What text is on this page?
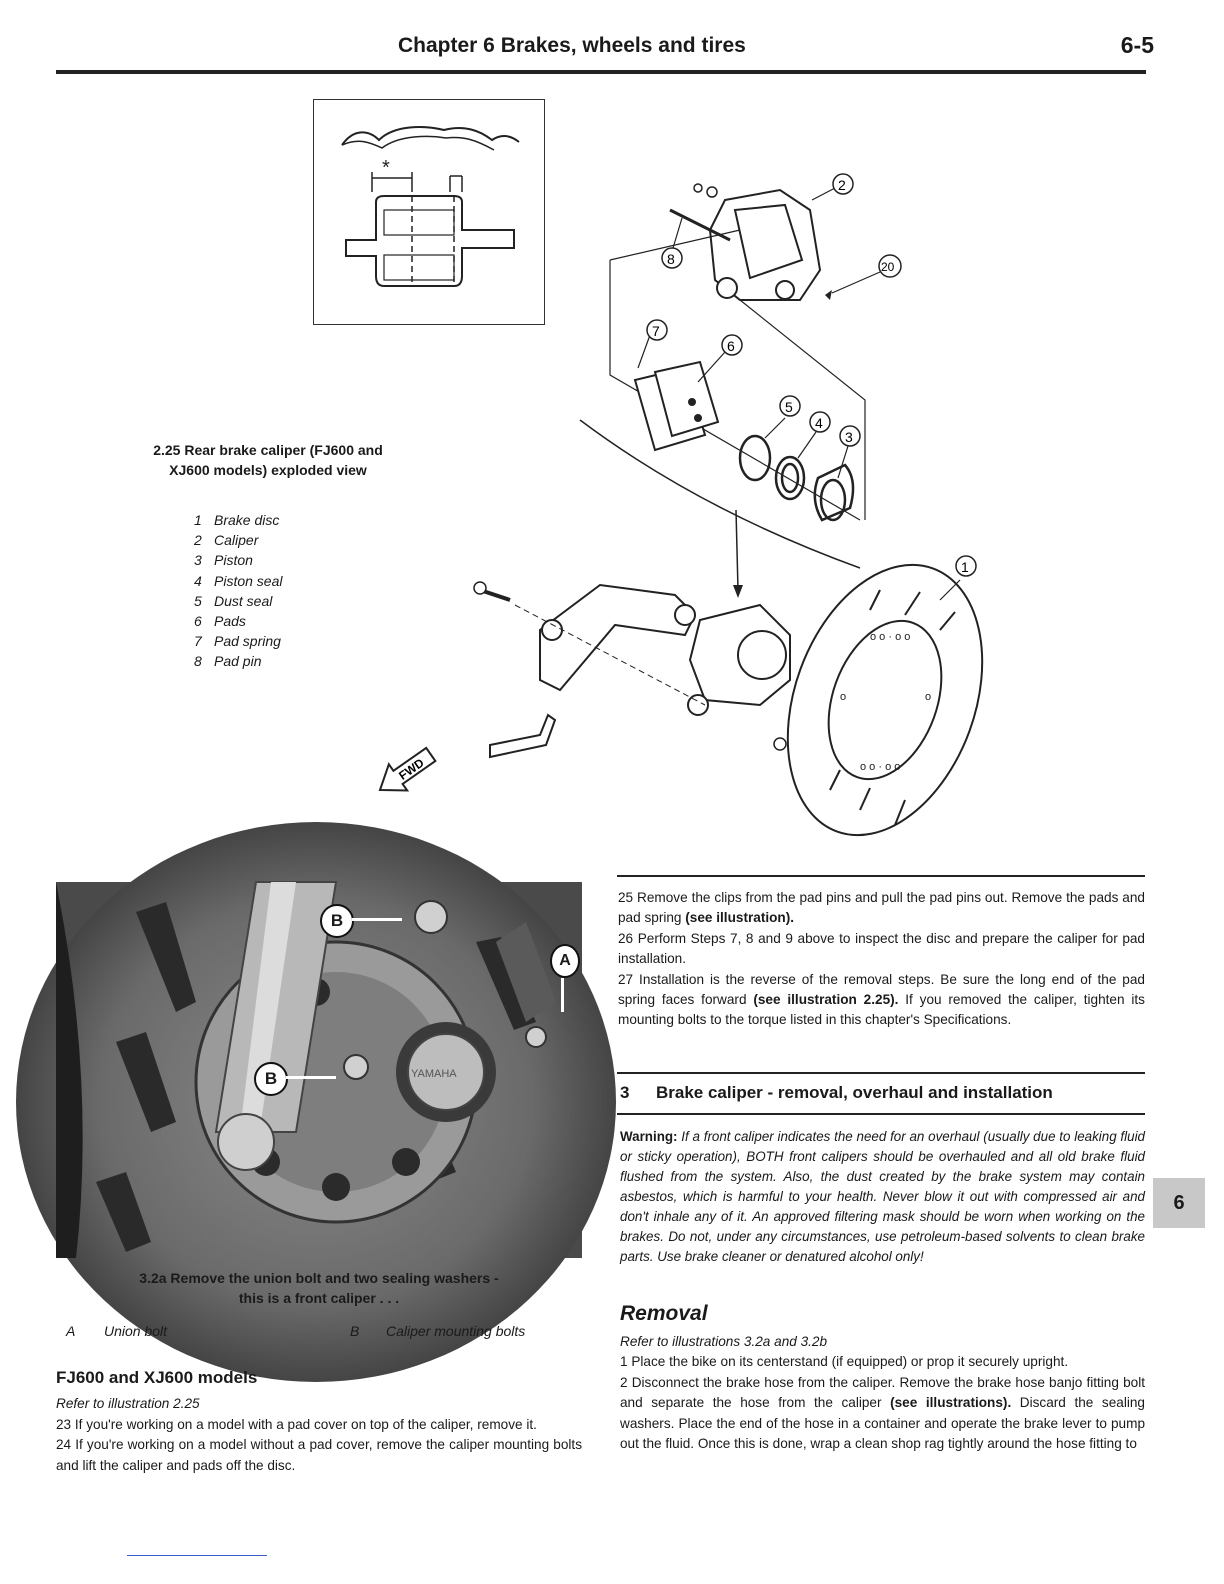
Chapter 6 Brakes, wheels and tires	6-5
*
2
20
8
7
6
5
4
3
FWD
o o · o o
o	o
o o · o o
1
2.25 Rear brake caliper (FJ600 and
XJ600 models) exploded view
1 Brake disc
2 Caliper
3 Piston
4 Piston seal
5 Dust seal
6 Pads
7 Pad spring
8 Pad pin
YAMAHA
B
B
A
3.2a Remove the union bolt and two sealing washers -
this is a front caliper . . .
A Union bolt	B Caliper mounting bolts
FJ600 and XJ600 models

Refer to illustration 2.25

23 If you're working on a model with a pad cover on top of the caliper, remove it.

24 If you're working on a model without a pad cover, remove the caliper mounting bolts and lift the caliper and pads off the disc.

25 Remove the clips from the pad pins and pull the pad pins out. Remove the pads and pad spring (see illustration).

26 Perform Steps 7, 8 and 9 above to inspect the disc and prepare the caliper for pad installation.

27 Installation is the reverse of the removal steps. Be sure the long end of the pad spring faces forward (see illustration 2.25). If you removed the caliper, tighten its mounting bolts to the torque listed in this chapter's Specifications.

3 Brake caliper - removal, overhaul and installation

Warning: If a front caliper indicates the need for an overhaul (usually due to leaking fluid or sticky operation), BOTH front calipers should be overhauled and all old brake fluid flushed from the system. Also, the dust created by the brake system may contain asbestos, which is harmful to your health. Never blow it out with compressed air and don't inhale any of it. An approved filtering mask should be worn when working on the brakes. Do not, under any circumstances, use petroleum-based solvents to clean brake parts. Use brake cleaner or denatured alcohol only!

Removal

Refer to illustrations 3.2a and 3.2b

1 Place the bike on its centerstand (if equipped) or prop it securely upright.

2 Disconnect the brake hose from the caliper. Remove the brake hose banjo fitting bolt and separate the hose from the caliper (see illustrations). Discard the sealing washers. Place the end of the hose in a container and operate the brake lever to pump out the fluid. Once this is done, wrap a clean shop rag tightly around the hose fitting to

6
